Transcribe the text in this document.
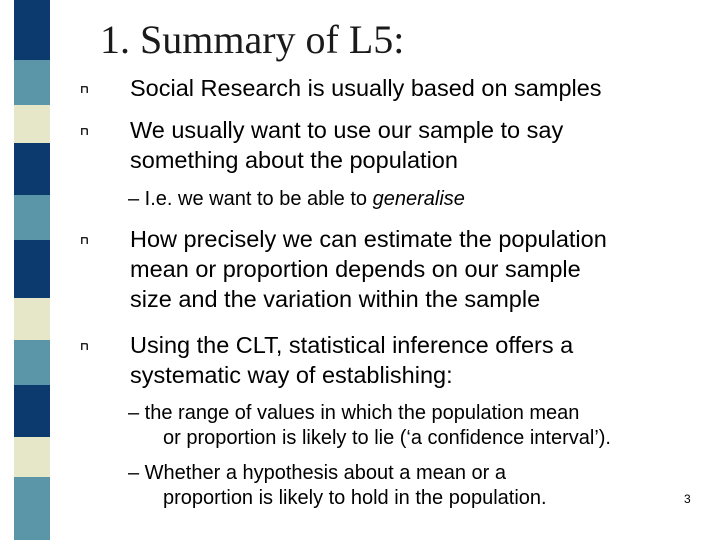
1. Summary of L5:
Social Research is usually based on samples
We usually want to use our sample to say
something about the population
– I.e. we want to be able to generalise
How precisely we can estimate the population
mean or proportion depends on our sample
size and the variation within the sample
Using the CLT, statistical inference offers a
systematic way of establishing:
– the range of values in which the population mean
or proportion is likely to lie (‘a confidence interval’).
– Whether a hypothesis about a mean or a
proportion is likely to hold in the population.	3
